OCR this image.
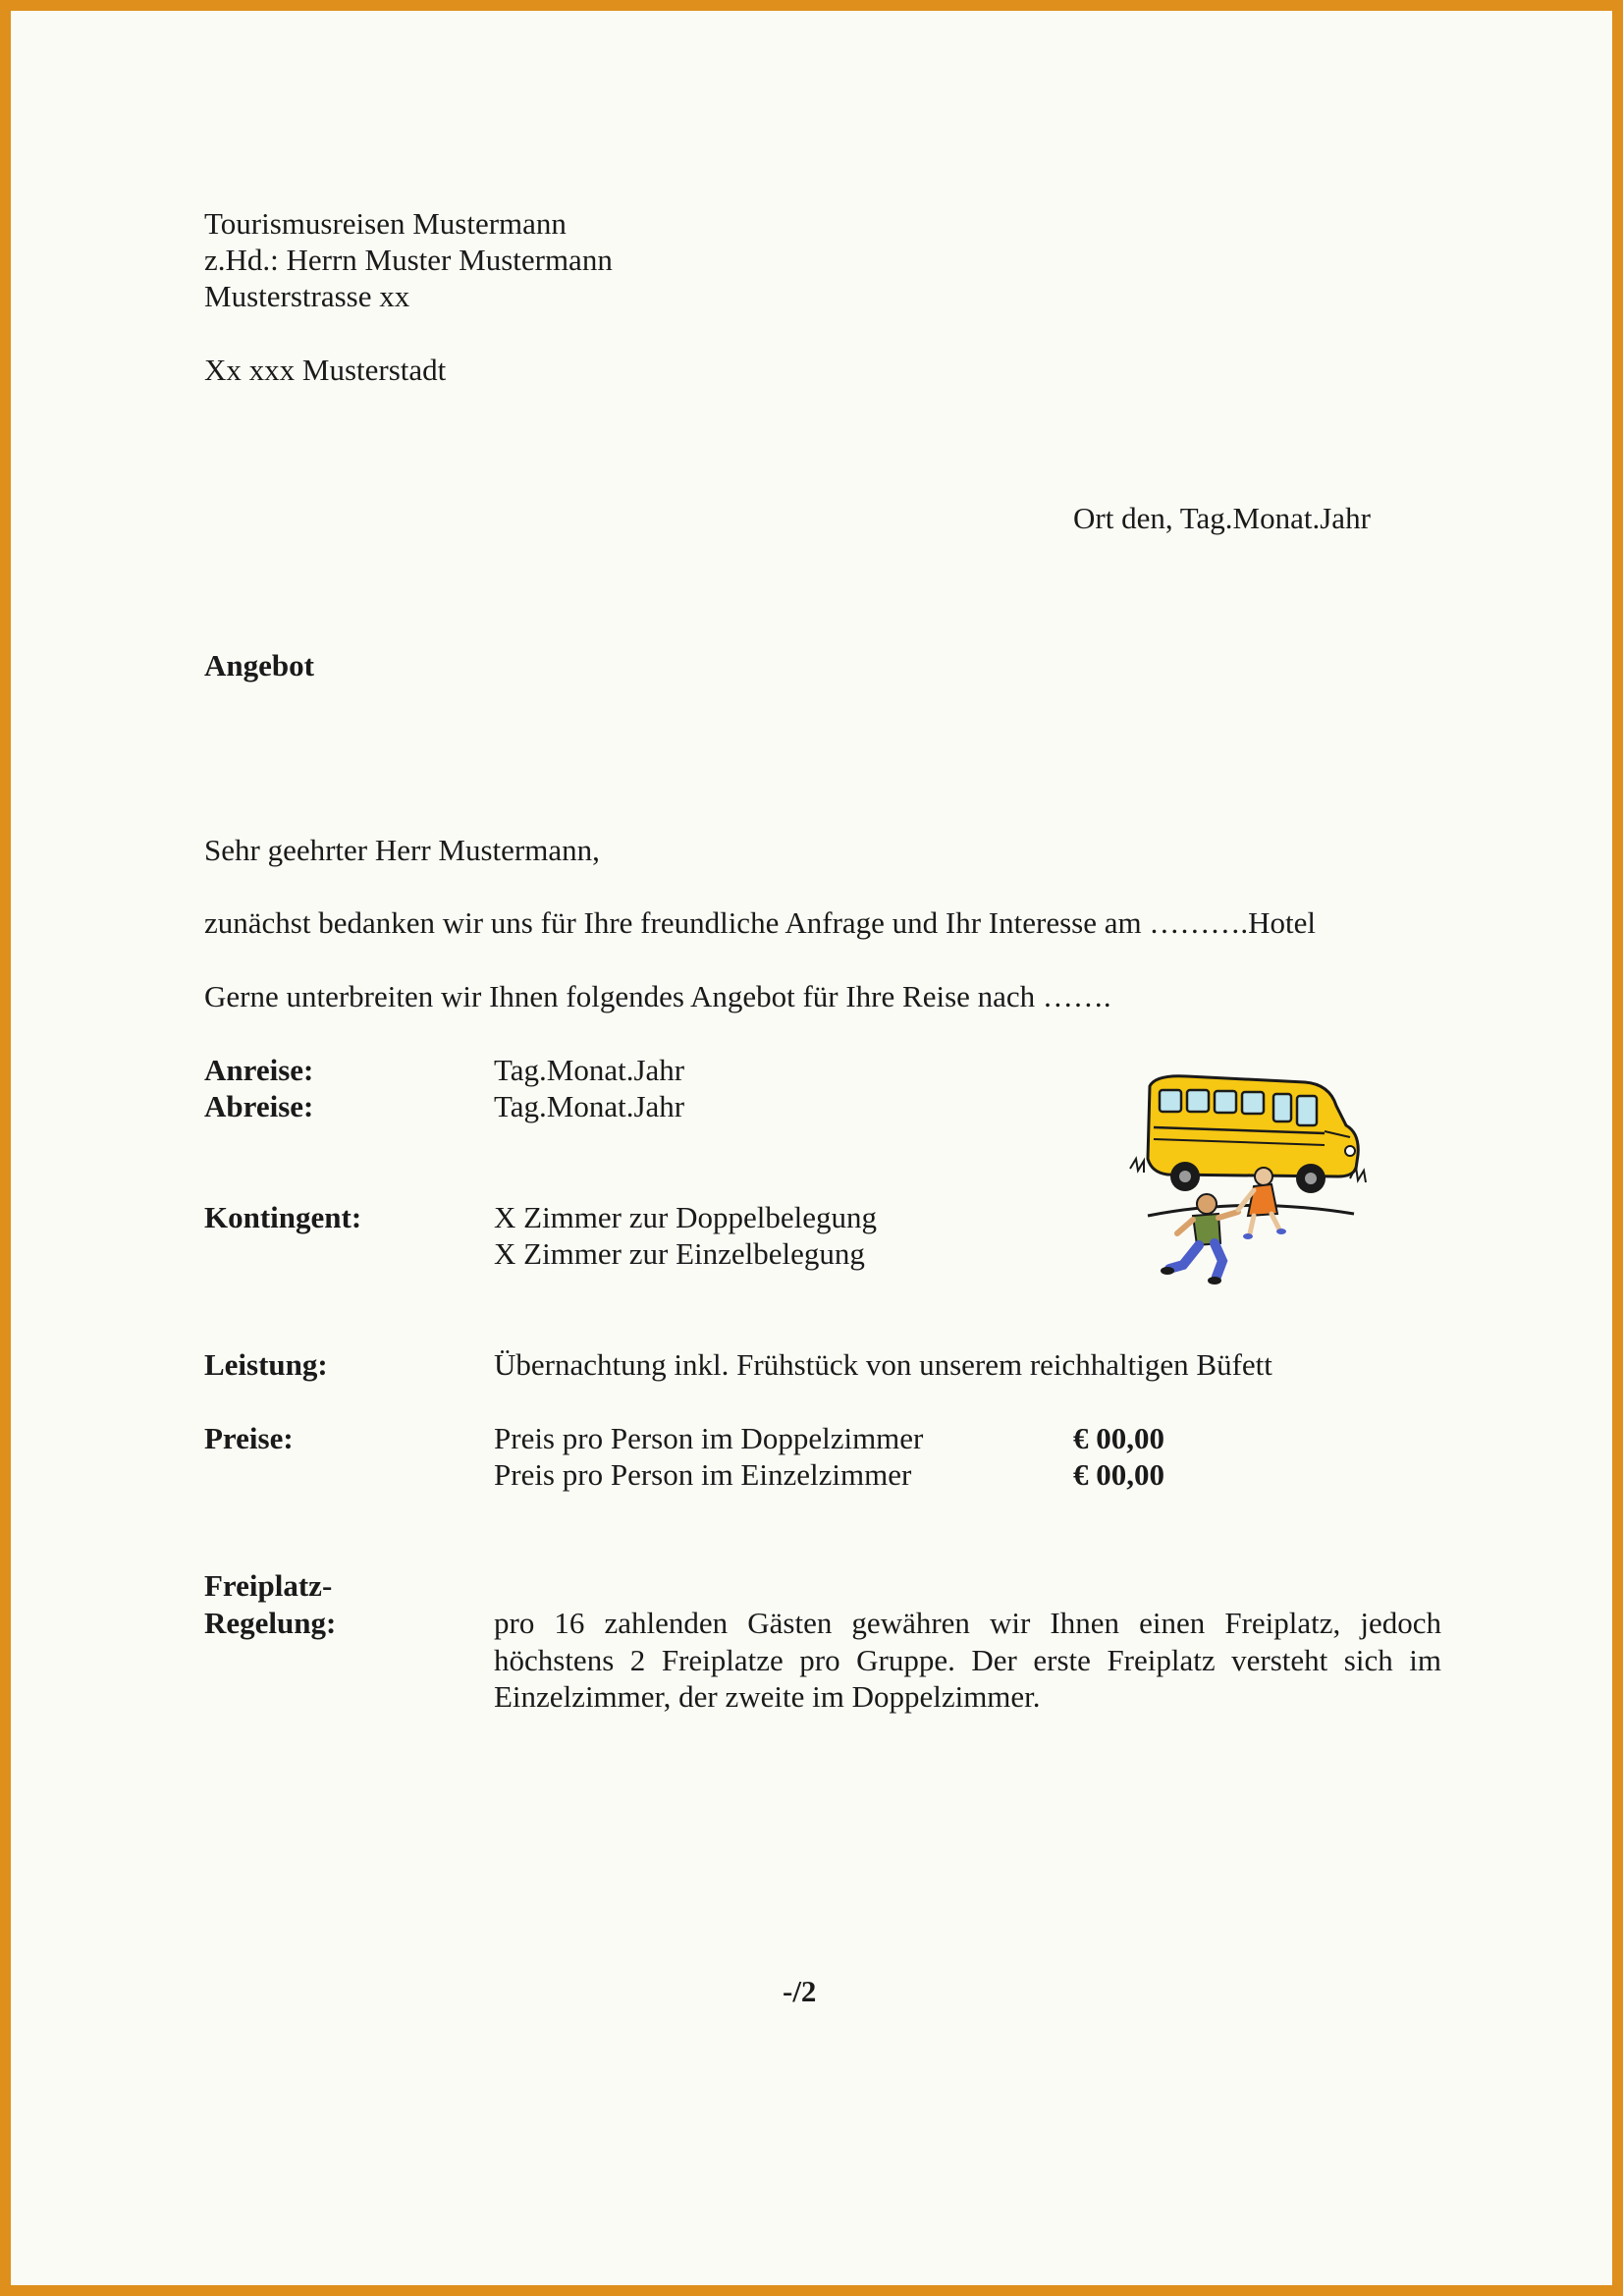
Tourismusreisen Mustermann
z.Hd.: Herrn Muster Mustermann
Musterstrasse xx
Xx xxx Musterstadt
Ort den, Tag.Monat.Jahr
Angebot
Sehr geehrter Herr Mustermann,
zunächst bedanken wir uns für Ihre freundliche Anfrage und Ihr Interesse am ……….Hotel
Gerne unterbreiten wir Ihnen folgendes Angebot für Ihre Reise nach …….
Anreise:	Tag.Monat.Jahr
Abreise:	Tag.Monat.Jahr
Kontingent:	X Zimmer zur Doppelbelegung
X Zimmer zur Einzelbelegung
Leistung:	Übernachtung inkl. Frühstück von unserem reichhaltigen Büfett
Preise:	Preis pro Person im Doppelzimmer	€ 00,00
Preis pro Person im Einzelzimmer	€ 00,00
Freiplatz-
Regelung:	pro 16 zahlenden Gästen gewähren wir Ihnen einen Freiplatz, jedoch höchstens 2 Freiplatze pro Gruppe. Der erste Freiplatz versteht sich im Einzelzimmer, der zweite im Doppelzimmer.
-/2
